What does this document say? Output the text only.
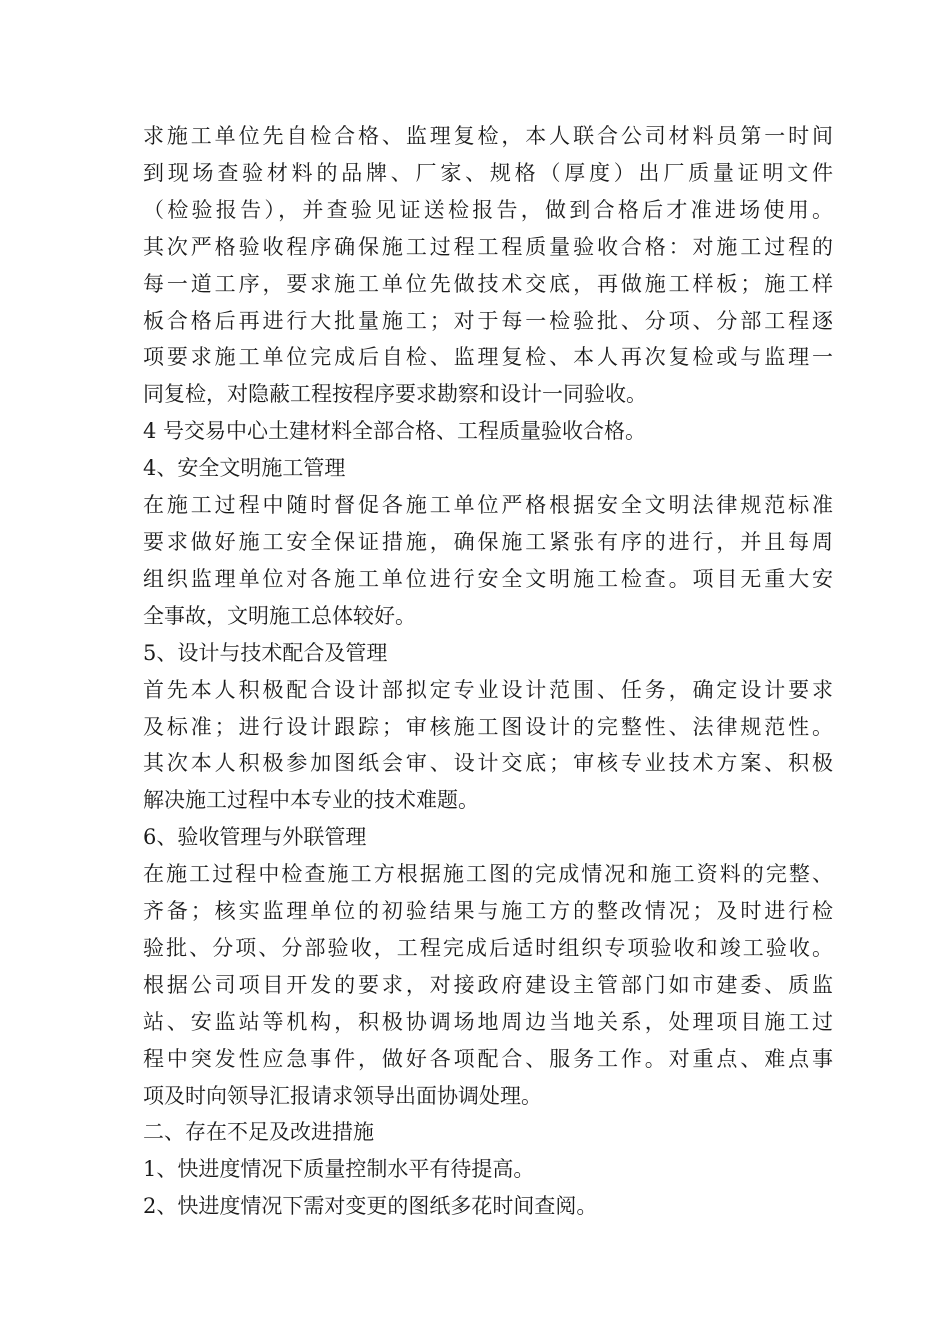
求施工单位先自检合格、监理复检，本人联合公司材料员第一时间
到现场查验材料的品牌、厂家、规格（厚度）出厂质量证明文件
（检验报告），并查验见证送检报告，做到合格后才准进场使用。
其次严格验收程序确保施工过程工程质量验收合格：对施工过程的
每一道工序，要求施工单位先做技术交底，再做施工样板；施工样
板合格后再进行大批量施工；对于每一检验批、分项、分部工程逐
项要求施工单位完成后自检、监理复检、本人再次复检或与监理一
同复检，对隐蔽工程按程序要求勘察和设计一同验收。
4 号交易中心土建材料全部合格、工程质量验收合格。
4、安全文明施工管理
在施工过程中随时督促各施工单位严格根据安全文明法律规范标准
要求做好施工安全保证措施，确保施工紧张有序的进行，并且每周
组织监理单位对各施工单位进行安全文明施工检查。项目无重大安
全事故，文明施工总体较好。
5、设计与技术配合及管理
首先本人积极配合设计部拟定专业设计范围、任务，确定设计要求
及标准；进行设计跟踪；审核施工图设计的完整性、法律规范性。
其次本人积极参加图纸会审、设计交底；审核专业技术方案、积极
解决施工过程中本专业的技术难题。
6、验收管理与外联管理
在施工过程中检查施工方根据施工图的完成情况和施工资料的完整、
齐备；核实监理单位的初验结果与施工方的整改情况；及时进行检
验批、分项、分部验收，工程完成后适时组织专项验收和竣工验收。
根据公司项目开发的要求，对接政府建设主管部门如市建委、质监
站、安监站等机构，积极协调场地周边当地关系，处理项目施工过
程中突发性应急事件，做好各项配合、服务工作。对重点、难点事
项及时向领导汇报请求领导出面协调处理。
二、存在不足及改进措施
1、快进度情况下质量控制水平有待提高。
2、快进度情况下需对变更的图纸多花时间查阅。
